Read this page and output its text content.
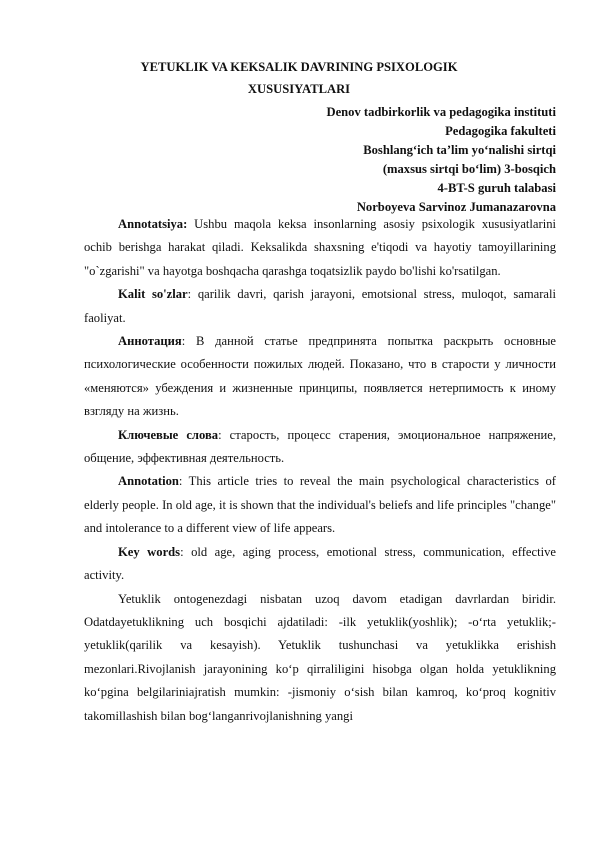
YETUKLIK VA KEKSALIK DAVRINING PSIXOLOGIK
XUSUSIYATLARI
Denov tadbirkorlik va pedagogika instituti
Pedagogika fakulteti
Boshlang‘ich ta’lim yo‘nalishi sirtqi
(maxsus sirtqi bo‘lim) 3-bosqich
4-BT-S guruh talabasi
Norboyeva Sarvinoz Jumanazarovna

Annotatsiya: Ushbu maqola keksa insonlarning asosiy psixologik xususiyatlarini ochib berishga harakat qiladi. Keksalikda shaxsning e'tiqodi va hayotiy tamoyillarining "o`zgarishi" va hayotga boshqacha qarashga toqatsizlik paydo bo'lishi ko'rsatilgan.

Kalit so'zlar: qarilik davri, qarish jarayoni, emotsional stress, muloqot, samarali faoliyat.

Аннотация: В данной статье предпринята попытка раскрыть основные психологические особенности пожилых людей. Показано, что в старости у личности «меняются» убеждения и жизненные принципы, появляется нетерпимость к иному взгляду на жизнь.

Ключевые слова: старость, процесс старения, эмоциональное напряжение, общение, эффективная деятельность.

Annotation: This article tries to reveal the main psychological characteristics of elderly people. In old age, it is shown that the individual's beliefs and life principles "change" and intolerance to a different view of life appears.

Key words: old age, aging process, emotional stress, communication, effective activity.

Yetuklik ontogenezdagi nisbatan uzoq davom etadigan davrlardan biridir. Odatdayetuklikning uch bosqichi ajdatiladi: -ilk yetuklik(yoshlik); -o‘rta yetuklik;-yetuklik(qarilik va kesayish). Yetuklik tushunchasi va yetuklikka erishish mezonlari.Rivojlanish jarayonining ko‘p qirraliligini hisobga olgan holda yetuklikning ko‘pgina belgilariniajratish mumkin: -jismoniy o‘sish bilan kamroq, ko‘proq kognitiv takomillashish bilan bog‘langanrivojlanishning yangi
